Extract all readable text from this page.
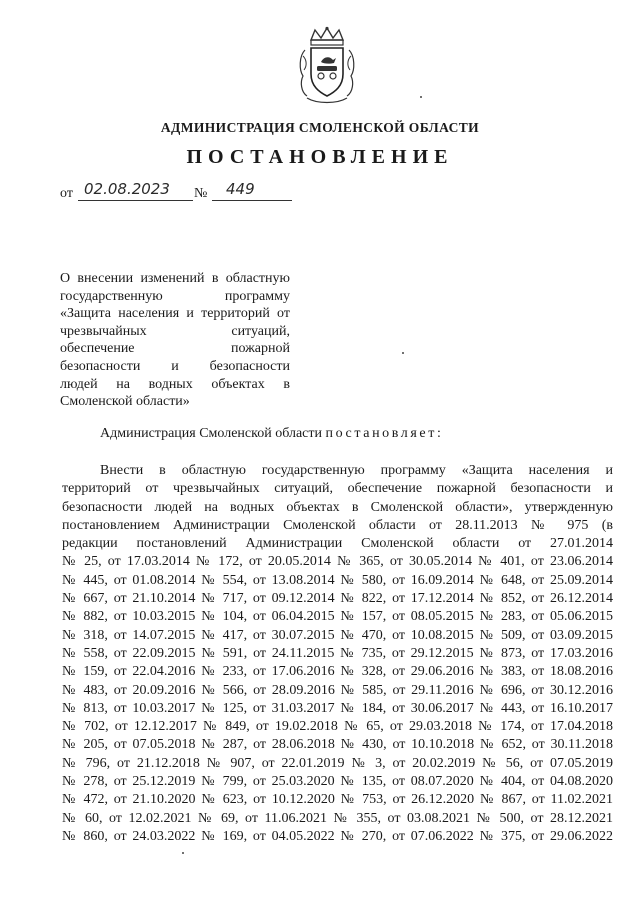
АДМИНИСТРАЦИЯ СМОЛЕНСКОЙ ОБЛАСТИ
ПОСТАНОВЛЕНИЕ
от 02.08.2023 № 449
О внесении изменений в областную
государственную программу
«Защита населения и территорий от
чрезвычайных ситуаций,
обеспечение пожарной
безопасности и безопасности
людей на водных объектах в
Смоленской области»
Администрация Смоленской области постановляет:
Внести в областную государственную программу «Защита населения и
территорий от чрезвычайных ситуаций, обеспечение пожарной безопасности и
безопасности людей на водных объектах в Смоленской области», утвержденную
постановлением Администрации Смоленской области от 28.11.2013 № 975 (в
редакции постановлений Администрации Смоленской области от 27.01.2014
№ 25, от 17.03.2014 № 172, от 20.05.2014 № 365, от 30.05.2014 № 401, от 23.06.2014
№ 445, от 01.08.2014 № 554, от 13.08.2014 № 580, от 16.09.2014 № 648, от 25.09.2014
№ 667, от 21.10.2014 № 717, от 09.12.2014 № 822, от 17.12.2014 № 852, от 26.12.2014
№ 882, от 10.03.2015 № 104, от 06.04.2015 № 157, от 08.05.2015 № 283, от 05.06.2015
№ 318, от 14.07.2015 № 417, от 30.07.2015 № 470, от 10.08.2015 № 509, от 03.09.2015
№ 558, от 22.09.2015 № 591, от 24.11.2015 № 735, от 29.12.2015 № 873, от 17.03.2016
№ 159, от 22.04.2016 № 233, от 17.06.2016 № 328, от 29.06.2016 № 383, от 18.08.2016
№ 483, от 20.09.2016 № 566, от 28.09.2016 № 585, от 29.11.2016 № 696, от 30.12.2016
№ 813, от 10.03.2017 № 125, от 31.03.2017 № 184, от 30.06.2017 № 443, от 16.10.2017
№ 702, от 12.12.2017 № 849, от 19.02.2018 № 65, от 29.03.2018 № 174, от 17.04.2018
№ 205, от 07.05.2018 № 287, от 28.06.2018 № 430, от 10.10.2018 № 652, от 30.11.2018
№ 796, от 21.12.2018 № 907, от 22.01.2019 № 3, от 20.02.2019 № 56, от 07.05.2019
№ 278, от 25.12.2019 № 799, от 25.03.2020 № 135, от 08.07.2020 № 404, от 04.08.2020
№ 472, от 21.10.2020 № 623, от 10.12.2020 № 753, от 26.12.2020 № 867, от 11.02.2021
№ 60, от 12.02.2021 № 69, от 11.06.2021 № 355, от 03.08.2021 № 500, от 28.12.2021
№ 860, от 24.03.2022 № 169, от 04.05.2022 № 270, от 07.06.2022 № 375, от 29.06.2022
